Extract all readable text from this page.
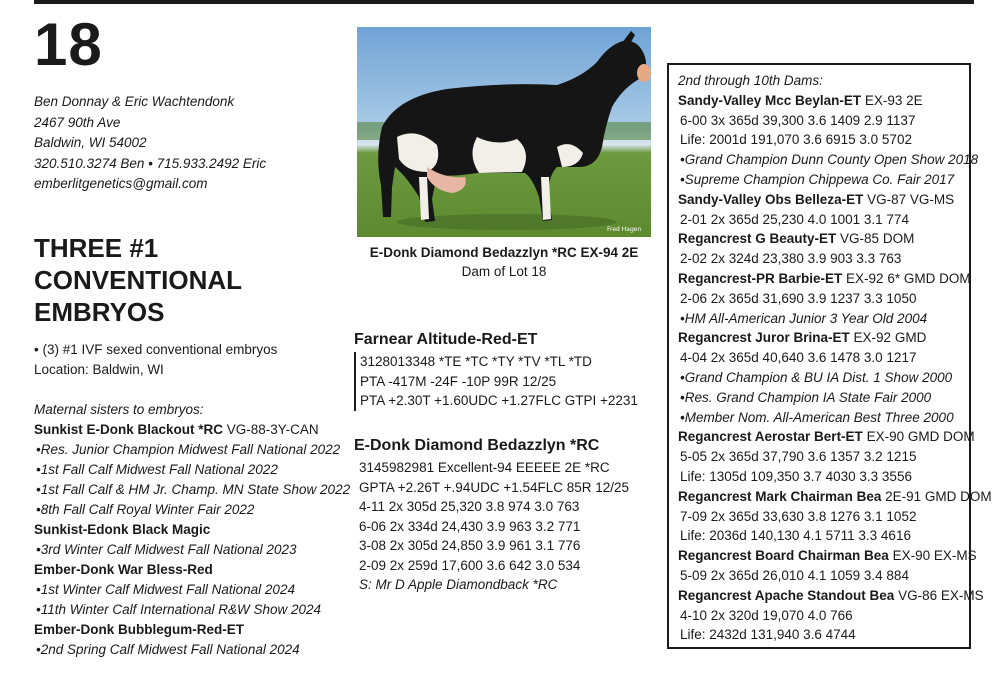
18
Ben Donnay & Eric Wachtendonk
2467 90th Ave
Baldwin, WI 54002
320.510.3274 Ben • 715.933.2492 Eric
emberlitgenetics@gmail.com
THREE #1
CONVENTIONAL
EMBRYOS
• (3) #1 IVF sexed conventional embryos
Location: Baldwin, WI
Maternal sisters to embryos:
Sunkist E-Donk Blackout *RC VG-88-3Y-CAN
•Res. Junior Champion Midwest Fall National 2022
•1st Fall Calf Midwest Fall National 2022
•1st Fall Calf & HM Jr. Champ. MN State Show 2022
•8th Fall Calf Royal Winter Fair 2022
Sunkist-Edonk Black Magic
•3rd Winter Calf Midwest Fall National 2023
Ember-Donk War Bless-Red
•1st Winter Calf Midwest Fall National 2024
•11th Winter Calf International R&W Show 2024
Ember-Donk Bubblegum-Red-ET
•2nd Spring Calf Midwest Fall National 2024
Fred Hagen
E-Donk Diamond Bedazzlyn *RC EX-94 2E
Dam of Lot 18
Farnear Altitude-Red-ET
3128013348 *TE *TC *TY *TV *TL *TD
PTA -417M -24F -10P 99R 12/25
PTA +2.30T +1.60UDC +1.27FLC GTPI +2231
E-Donk Diamond Bedazzlyn *RC
3145982981 Excellent-94 EEEEE 2E *RC
GPTA +2.26T +.94UDC +1.54FLC 85R 12/25
4-11 2x 305d 25,320 3.8 974 3.0 763
6-06 2x 334d 24,430 3.9 963 3.2 771
3-08 2x 305d 24,850 3.9 961 3.1 776
2-09 2x 259d 17,600 3.6 642 3.0 534
S: Mr D Apple Diamondback *RC
2nd through 10th Dams:
Sandy-Valley Mcc Beylan-ET EX-93 2E
6-00 3x 365d 39,300 3.6 1409 2.9 1137
Life: 2001d 191,070 3.6 6915 3.0 5702
•Grand Champion Dunn County Open Show 2018
•Supreme Champion Chippewa Co. Fair 2017
Sandy-Valley Obs Belleza-ET VG-87 VG-MS
2-01 2x 365d 25,230 4.0 1001 3.1 774
Regancrest G Beauty-ET VG-85 DOM
2-02 2x 324d 23,380 3.9 903 3.3 763
Regancrest-PR Barbie-ET EX-92 6* GMD DOM
2-06 2x 365d 31,690 3.9 1237 3.3 1050
•HM All-American Junior 3 Year Old 2004
Regancrest Juror Brina-ET EX-92 GMD
4-04 2x 365d 40,640 3.6 1478 3.0 1217
•Grand Champion & BU IA Dist. 1 Show 2000
•Res. Grand Champion IA State Fair 2000
•Member Nom. All-American Best Three 2000
Regancrest Aerostar Bert-ET EX-90 GMD DOM
5-05 2x 365d 37,790 3.6 1357 3.2 1215
Life: 1305d 109,350 3.7 4030 3.3 3556
Regancrest Mark Chairman Bea 2E-91 GMD DOM
7-09 2x 365d 33,630 3.8 1276 3.1 1052
Life: 2036d 140,130 4.1 5711 3.3 4616
Regancrest Board Chairman Bea EX-90 EX-MS
5-09 2x 365d 26,010 4.1 1059 3.4 884
Regancrest Apache Standout Bea VG-86 EX-MS
4-10 2x 320d 19,070 4.0 766
Life: 2432d 131,940 3.6 4744
